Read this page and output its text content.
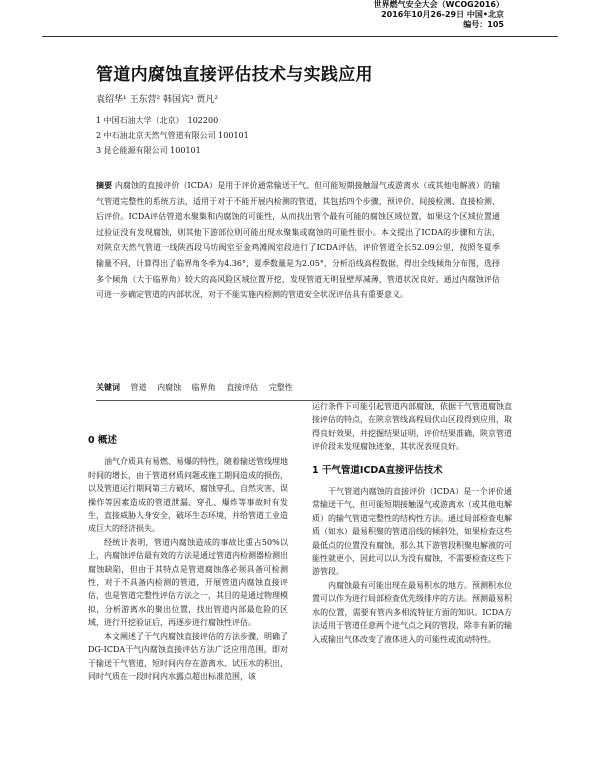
世界燃气安全大会（WCOG2016）
2016年10月26-29日 中国•北京
编号：105
管道内腐蚀直接评估技术与实践应用
袁绍华¹ 王东营² 韩国宾³ 贾凡²
1 中国石油大学（北京）　102200
2 中石油北京天然气管道有限公司 100101
3 昆仑能源有限公司 100101
摘要 内腐蚀的直接评价（ICDA）是用于评价通常输送干气、但可能短期接触湿气或游离水（或其他电解液）的输气管道完整性的系统方法，适用于对于不能开展内检测的管道，其包括四个步骤，预评价、间接检测、直接检测、后评价。ICDA评估管道水聚集和内腐蚀的可能性，从而找出管个最有可能的腐蚀区域位置，如果这个区域位置通过验证没有发现腐蚀，则其他下游部位则可能出现水聚集或腐蚀的可能性很小。本文提出了ICDA的步骤和方法，对陕京天然气管道一线陕西段马坊阀室至金鸡滩阀室段进行了ICDA评估，评价管道全长52.09公里，按照冬夏季输量不同，计算得出了临界角冬季为4.36°，夏季数量是为2.05°，分析沿线高程数据，得出全线倾角分布图，选择多个倾角（大于临界角）较大的高风险区域位置开挖，发现管道无明显壁厚减薄，管道状况良好。通过内腐蚀评估可进一步确定管道的内部状况，对于不能实施内检测的管道安全状况评估具有重要意义。
关键词 管道 内腐蚀 临界角 直接评估 完整性
0 概述

油气介质具有易燃、易爆的特性，随着输送管线埋地时间的增长，由于管道材质问题或施工期间造成的损伤，以及管道运行期间第三方破坏、腐蚀穿孔、自然灾害、误操作等因素造成的管道泄漏、穿孔、爆炸等事故时有发生，直接威胁人身安全，破坏生态环境，并给管道工业造成巨大的经济损失。

经统计表明，管道内腐蚀造成的事故比重占50%以上，内腐蚀评估最有效的方法是通过管道内检测器检测出腐蚀缺陷，但由于其特点是管道腐蚀落必须具备可检测性，对于不具备内检测的管道，开展管道内腐蚀直接评估，也是管道完整性评估方法之一，其目的是通过物理模拟，分析游离水的聚出位置，找出管道内部最危险的区域，进行开挖验证后，再逐步进行腐蚀性评估。

本文阐述了干气内腐蚀直接评估的方法步骤，明确了DG-ICDA干气内腐蚀直接评估方法广泛应用范围，即对于输送干气管道，短时间内存在游离水、试压水的积出，同时气质在一段时间内水露点超出标准范围，该

运行条件下可能引起管道内部腐蚀，依据干气管道腐蚀直接评估的特点，在陕京管线高程局伏山区段得到应用，取得良好效果，并挖掘结果证明，评价结果准确，陕京管道评价段未发现腐蚀迹象，其状况表现良好。

1 干气管道ICDA直接评估技术

干气管道内腐蚀的直接评价（ICDA）是一个评价通常输送干气、但可能短期接触湿气或游离水（或其他电解质）的输气管道完整性的结构性方法。通过局部检查电解质（如水）最易积聚的管道沿线的倾斜处，如果检查这些最低点的位置没有腐蚀，那么其下游管段积聚电解液的可能性就更小，因此可以认为没有腐蚀，不需要检查这些下游管段。

内腐蚀最有可能出现在最易积水的地方。预测积水位置可以作为进行局部检查优先级排序的方法。预测最易积水的位置，需要有管内多相流特征方面的知识。ICDA方法适用于管道任意两个进气点之间的管段，除非有新的输入或输出气体改变了液体进入的可能性或流动特性。
